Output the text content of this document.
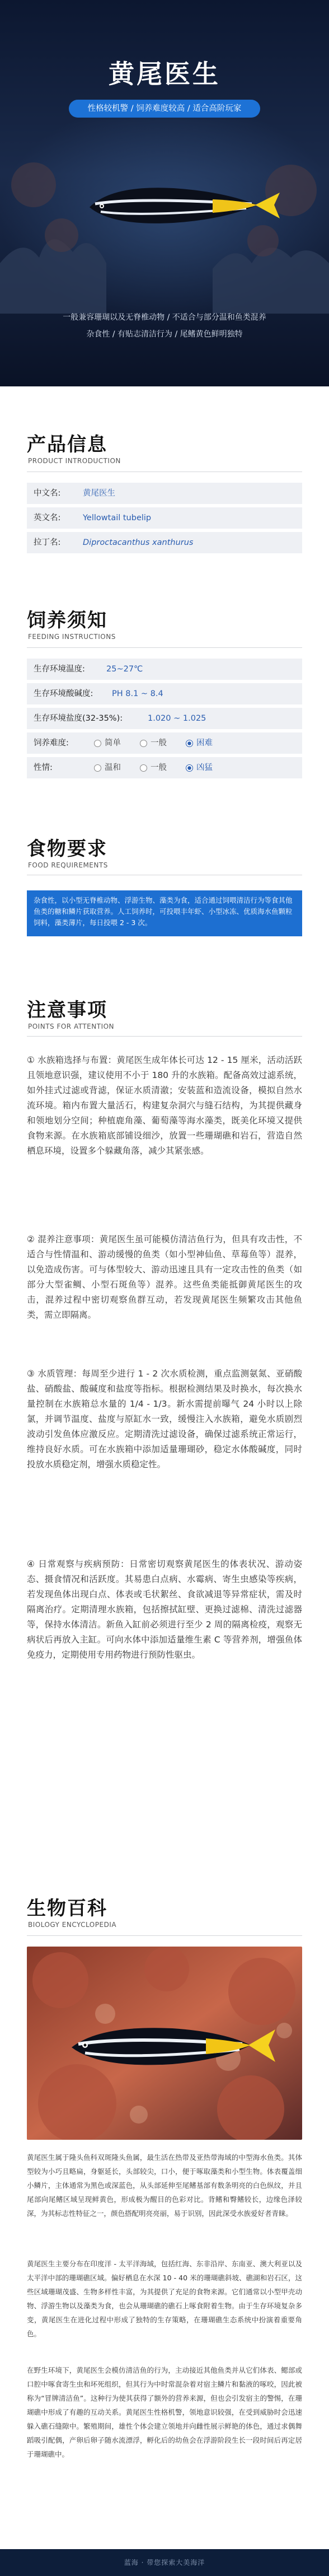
黄尾医生
性格较机警 / 饲养难度较高 / 适合高阶玩家
一般兼容珊瑚以及无脊椎动物 / 不适合与部分温和鱼类混养
杂食性 / 有贴志清洁行为 / 尾鳍黄色鲜明独特
产品信息
PRODUCT INTRODUCTION
中文名:	黄尾医生
英文名:	Yellowtail tubelip
拉丁名:	Diproctacanthus xanthurus
饲养须知
FEEDING INSTRUCTIONS
生存环境温度:	25~27℃
生存环境酸碱度: PH 8.1 ~ 8.4
生存环境盐度(32-35%):	1.020 ~ 1.025
饲养难度:	简单	一般	困难
性情:	温和	一般	凶猛
食物要求
FOOD REQUIREMENTS
杂食性，以小型无脊椎动物、浮游生物、藻类为食，适合通过饲喂清洁行为等食其他鱼类的糖和鳞片获取营养。人工饲养时，可投喂丰年虾、小型冰冻、优质海水鱼颗粒饲料，藻类薄片，每日投喂 2 - 3 次。
注意事项
POINTS FOR ATTENTION
① 水族箱选择与布置：黄尾医生成年体长可达 12 - 15 厘米，活动活跃且领地意识强，建议使用不小于 180 升的水族箱。配备高效过滤系统，如外挂式过滤或背滤，保证水质清澈；安装蓝和造流设备，模拟自然水流环境。箱内布置大量活石，构建复杂洞穴与缝石结构，为其提供藏身和领地划分空间；种植鹿角藻、葡萄藻等海水藻类，既美化环境又提供食物来源。在水族箱底部铺设细沙，放置一些珊瑚礁和岩石，营造自然栖息环境，设置多个躲藏角落，减少其紧张感。
② 混养注意事项：黄尾医生虽可能模仿清洁鱼行为，但具有攻击性，不适合与性情温和、游动缓慢的鱼类（如小型神仙鱼、草莓鱼等）混养，以免造成伤害。可与体型较大、游动迅速且具有一定攻击性的鱼类（如部分大型雀鲷、小型石斑鱼等）混养。这些鱼类能抵御黄尾医生的攻击，混养过程中密切观察鱼群互动，若发现黄尾医生频繁攻击其他鱼类，需立即隔离。
③ 水质管理：每周至少进行 1 - 2 次水质检测，重点监测氨氮、亚硝酸盐、硝酸盐、酸碱度和盐度等指标。根据检测结果及时换水，每次换水量控制在水族箱总水量的 1/4 - 1/3。新水需提前曝气 24 小时以上除氯，并调节温度、盐度与原缸水一致，缓慢注入水族箱，避免水质剧烈波动引发鱼体应激反应。定期清洗过滤设备，确保过滤系统正常运行，维持良好水质。可在水族箱中添加适量珊瑚砂，稳定水体酸碱度，同时投放水质稳定剂，增强水质稳定性。
④ 日常观察与疾病预防：日常密切观察黄尾医生的体表状况、游动姿态、摄食情况和活跃度。其易患白点病、水霉病、寄生虫感染等疾病，若发现鱼体出现白点、体表或毛状絮丝、食欲减退等异常症状，需及时隔离治疗。定期清理水族箱，包括擦拭缸壁、更换过滤棉、清洗过滤器等，保持水体清洁。新鱼入缸前必须进行至少 2 周的隔离检疫，观察无病状后再放入主缸。可向水体中添加适量维生素 C 等营养剂，增强鱼体免疫力，定期使用专用药物进行预防性驱虫。
生物百科
BIOLOGY ENCYCLOPEDIA
黄尾医生属于隆头鱼科双斑隆头鱼属，最生活在热带及亚热带海域的中型海水鱼类。其体型较为小巧且略扁，身躯延长，头部较尖，口小，便于啄取藻类和小型生物。体表覆盖细小鳞片，主体通常为黑色或深蓝色，从头部延伸至尾鳍基部有数条明亮的白色纵纹，并且尾部向尾鳍区域呈现鲜黄色，形成极为醒目的色彩对比。背鳍和臀鳍较长，边缘色泽较深，为其标志性特征之一，颜色搭配明亮亮丽，易于识别，因此深受水族爱好者青睐。
黄尾医生主要分布在印度洋 - 太平洋海域，包括红海、东非沿岸、东南亚、澳大利亚以及太平洋中部的珊瑚礁区域。偏好栖息在水深 10 - 40 米的珊瑚礁斜坡、礁湖和岩石区，这些区域珊瑚茂盛、生物多样性丰富，为其提供了充足的食物来源。它们通常以小型甲壳动物、浮游生物以及藻类为食，也会从珊瑚礁的礁石上啄食附着生物。由于生存环境复杂多变，黄尾医生在进化过程中形成了独特的生存策略，在珊瑚礁生态系统中扮演着重要角色。
在野生环境下，黄尾医生会模仿清洁鱼的行为，主动接近其他鱼类并从它们体表、鳃部或口腔中啄食寄生虫和坏死组织，但其行为中时常混杂着对宿主鳞片和黏液的啄咬，因此被称为“冒牌清洁鱼”。这种行为使其获得了额外的营养来源，但也会引发宿主的警惕，在珊瑚礁中形成了有趣的互动关系。黄尾医生性格机警，领地意识较强，在受到威胁时会迅速躲入礁石缝隙中。繁殖期间，雄性个体会建立领地并向雌性展示鲜艳的体色，通过求偶舞蹈吸引配偶，产卵后卵子随水流漂浮，孵化后的幼鱼会在浮游阶段生长一段时间后再定居于珊瑚礁中。
蓝海 · 带您探索大美海洋
